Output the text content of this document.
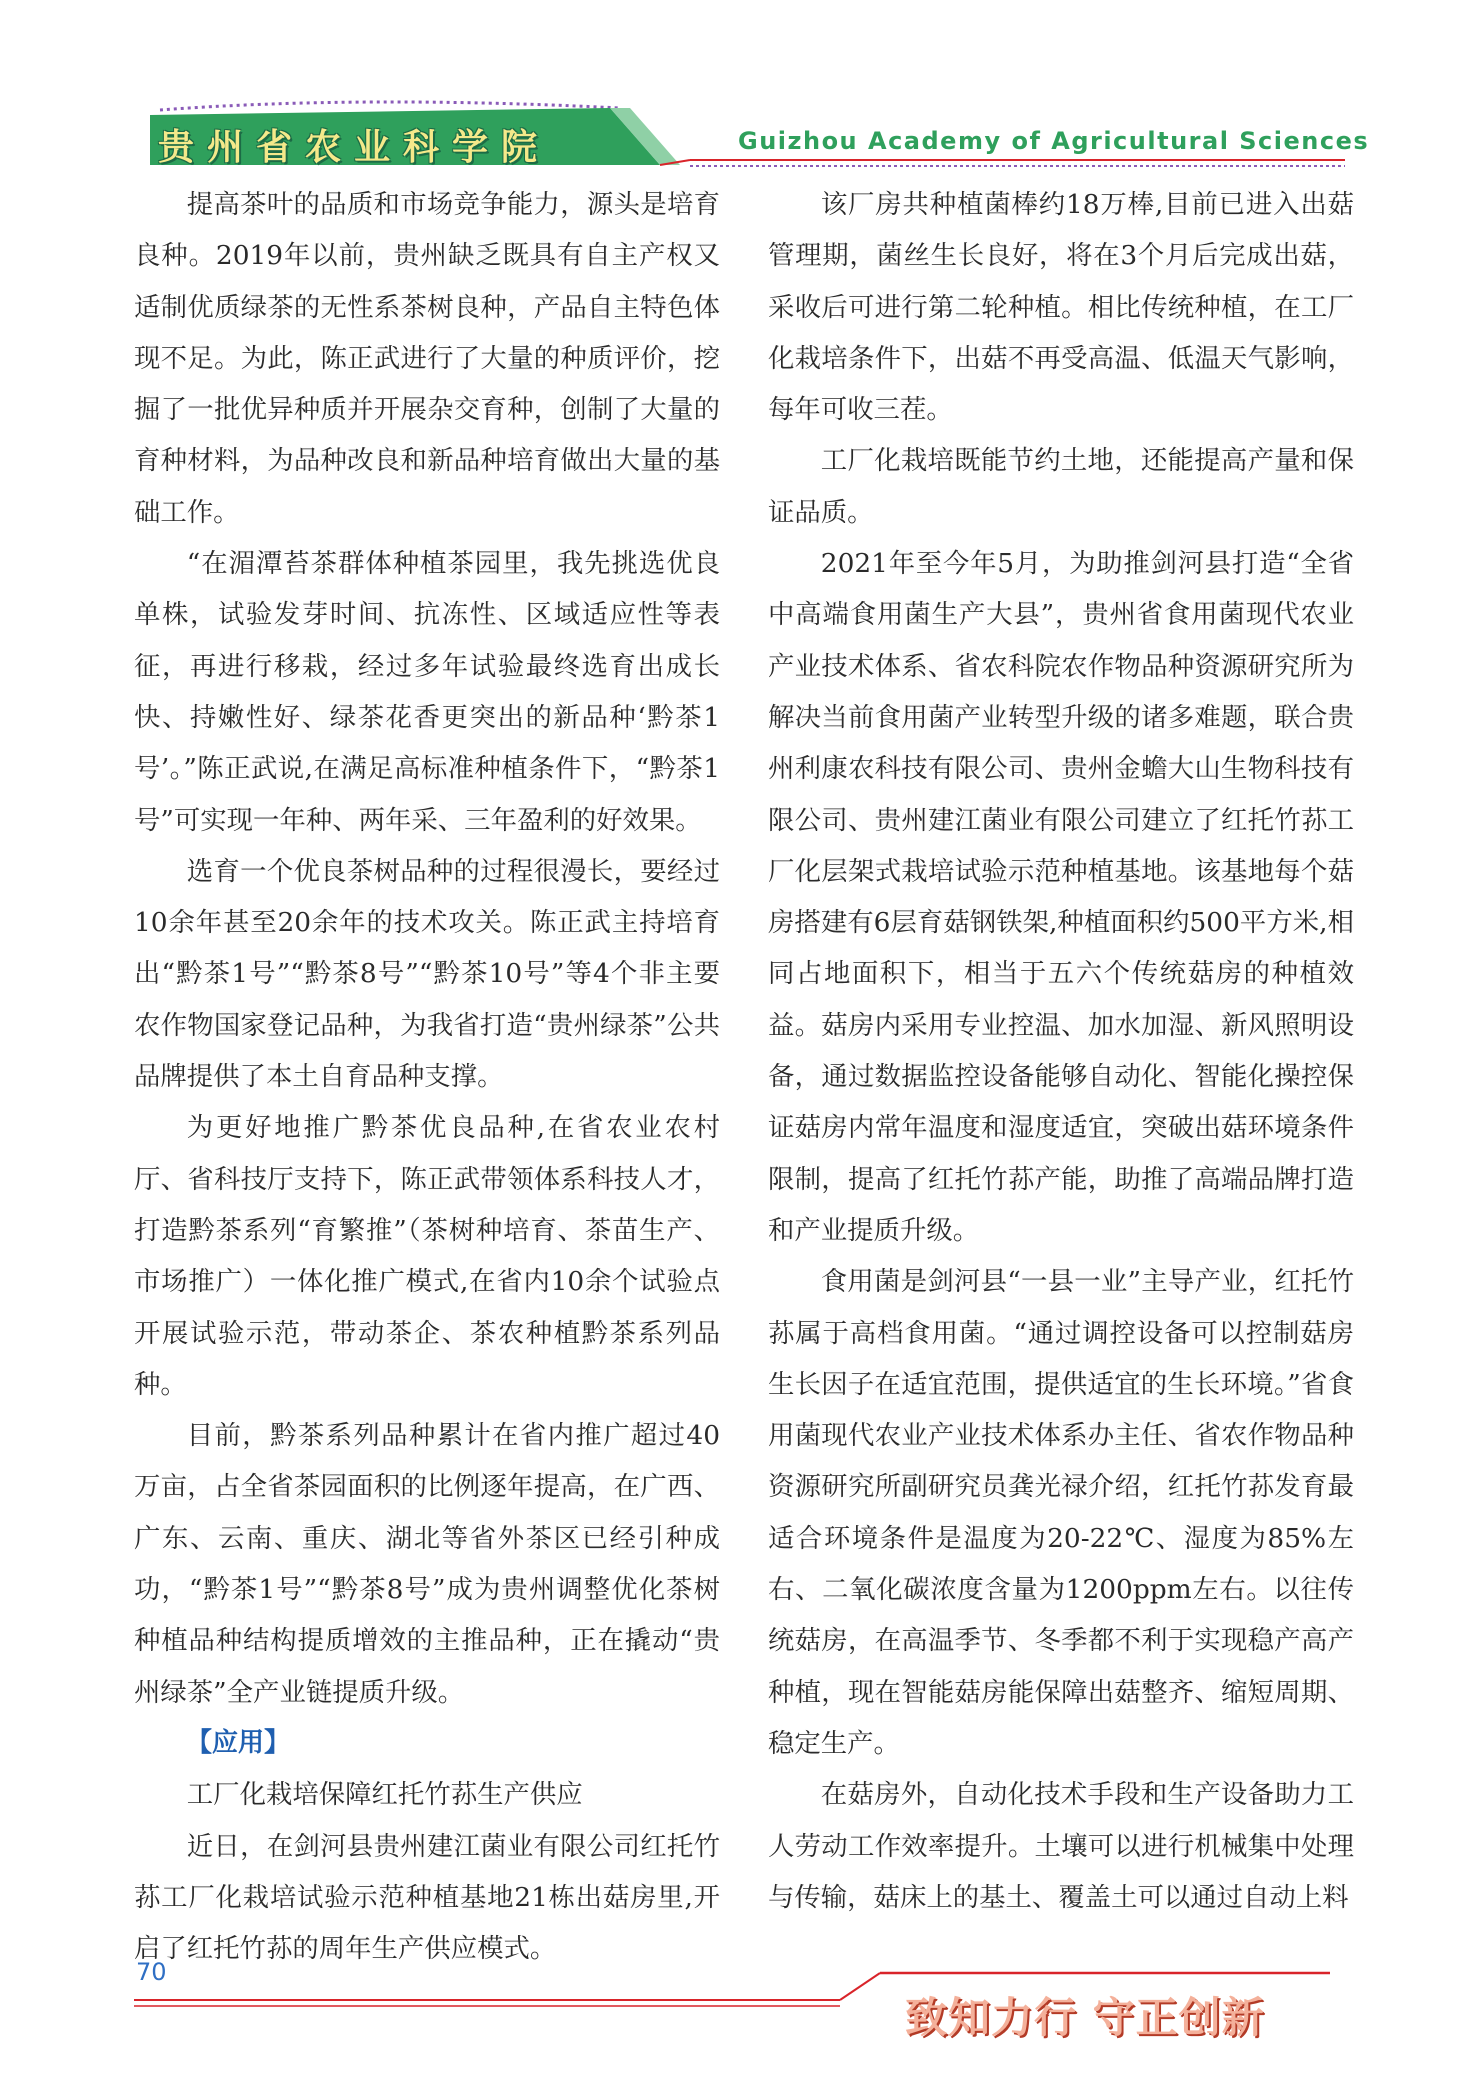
贵州省农业科学院	Guizhou Academy of Agricultural Sciences

提高茶叶的品质和市场竞争能力，源头是培育良种。2019年以前，贵州缺乏既具有自主产权又适制优质绿茶的无性系茶树良种，产品自主特色体现不足。为此，陈正武进行了大量的种质评价，挖掘了一批优异种质并开展杂交育种，创制了大量的育种材料，为品种改良和新品种培育做出大量的基础工作。

“在湄潭苔茶群体种植茶园里，我先挑选优良单株，试验发芽时间、抗冻性、区域适应性等表征，再进行移栽，经过多年试验最终选育出成长快、持嫩性好、绿茶花香更突出的新品种‘黔茶1号’。”陈正武说,在满足高标准种植条件下，“黔茶1号”可实现一年种、两年采、三年盈利的好效果。

选育一个优良茶树品种的过程很漫长，要经过10余年甚至20余年的技术攻关。陈正武主持培育出“黔茶1号”“黔茶8号”“黔茶10号”等4个非主要农作物国家登记品种，为我省打造“贵州绿茶”公共品牌提供了本土自育品种支撑。

为更好地推广黔茶优良品种,在省农业农村厅、省科技厅支持下，陈正武带领体系科技人才，打造黔茶系列“育繁推”（茶树种培育、茶苗生产、市场推广）一体化推广模式,在省内10余个试验点开展试验示范，带动茶企、茶农种植黔茶系列品种。

目前，黔茶系列品种累计在省内推广超过40万亩，占全省茶园面积的比例逐年提高，在广西、广东、云南、重庆、湖北等省外茶区已经引种成功，“黔茶1号”“黔茶8号”成为贵州调整优化茶树种植品种结构提质增效的主推品种，正在撬动“贵州绿茶”全产业链提质升级。

【应用】

工厂化栽培保障红托竹荪生产供应

近日，在剑河县贵州建江菌业有限公司红托竹荪工厂化栽培试验示范种植基地21栋出菇房里,开启了红托竹荪的周年生产供应模式。

该厂房共种植菌棒约18万棒,目前已进入出菇管理期，菌丝生长良好，将在3个月后完成出菇，采收后可进行第二轮种植。相比传统种植，在工厂化栽培条件下，出菇不再受高温、低温天气影响，每年可收三茬。

工厂化栽培既能节约土地，还能提高产量和保证品质。

2021年至今年5月，为助推剑河县打造“全省中高端食用菌生产大县”，贵州省食用菌现代农业产业技术体系、省农科院农作物品种资源研究所为解决当前食用菌产业转型升级的诸多难题，联合贵州利康农科技有限公司、贵州金蟾大山生物科技有限公司、贵州建江菌业有限公司建立了红托竹荪工厂化层架式栽培试验示范种植基地。该基地每个菇房搭建有6层育菇钢铁架,种植面积约500平方米,相同占地面积下，相当于五六个传统菇房的种植效益。菇房内采用专业控温、加水加湿、新风照明设备，通过数据监控设备能够自动化、智能化操控保证菇房内常年温度和湿度适宜，突破出菇环境条件限制，提高了红托竹荪产能，助推了高端品牌打造和产业提质升级。

食用菌是剑河县“一县一业”主导产业，红托竹荪属于高档食用菌。“通过调控设备可以控制菇房生长因子在适宜范围，提供适宜的生长环境。”省食用菌现代农业产业技术体系办主任、省农作物品种资源研究所副研究员龚光禄介绍，红托竹荪发育最适合环境条件是温度为20-22℃、湿度为85%左右、二氧化碳浓度含量为1200ppm左右。以往传统菇房，在高温季节、冬季都不利于实现稳产高产种植，现在智能菇房能保障出菇整齐、缩短周期、稳定生产。

在菇房外，自动化技术手段和生产设备助力工人劳动工作效率提升。土壤可以进行机械集中处理与传输，菇床上的基土、覆盖土可以通过自动上料

70
致知力行 守正创新
